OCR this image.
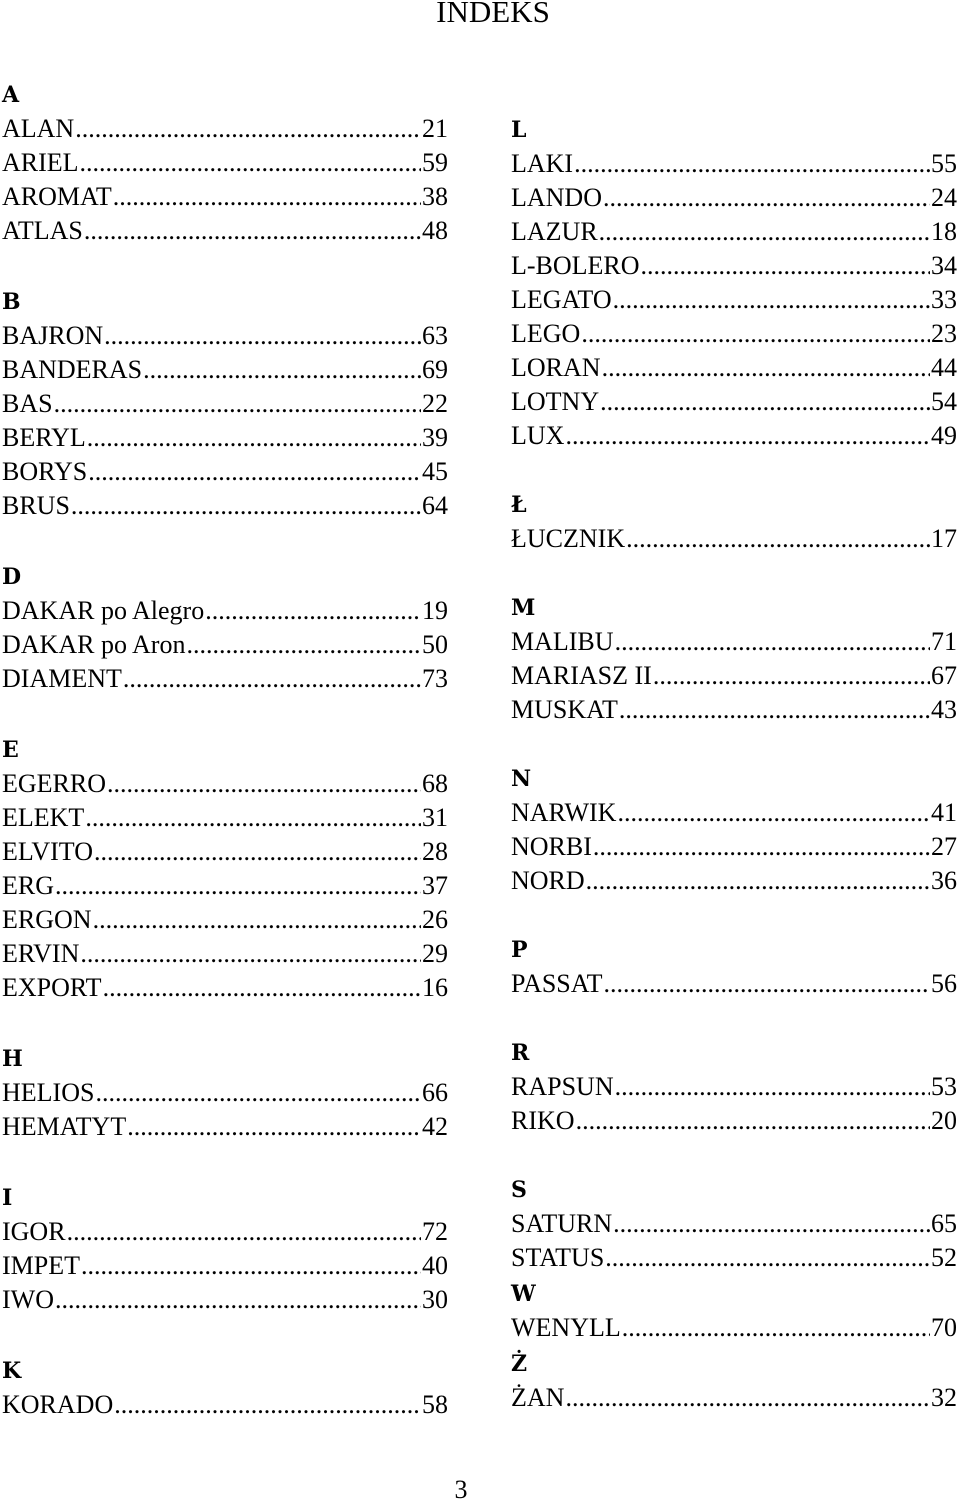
INDEKS
A
ALAN .....	21
ARIEL .....	59
AROMAT .....	38
ATLAS .....	48
B
BAJRON .....	63
BANDERAS .....	69
BAS .....	22
BERYL .....	39
BORYS .....	45
BRUS .....	64
D
DAKAR po Alegro .....	19
DAKAR po Aron .....	50
DIAMENT .....	73
E
EGERRO .....	68
ELEKT .....	31
ELVITO .....	28
ERG .....	37
ERGON .....	26
ERVIN .....	29
EXPORT .....	16
H
HELIOS .....	66
HEMATYT .....	42
I
IGOR .....	72
IMPET .....	40
IWO .....	30
K
KORADO .....	58
L
LAKI .....	55
LANDO .....	24
LAZUR .....	18
L-BOLERO .....	34
LEGATO .....	33
LEGO .....	23
LORAN .....	44
LOTNY .....	54
LUX .....	49
Ł
ŁUCZNIK .....	17
M
MALIBU .....	71
MARIASZ II .....	67
MUSKAT .....	43
N
NARWIK .....	41
NORBI .....	27
NORD .....	36
P
PASSAT .....	56
R
RAPSUN .....	53
RIKO .....	20
S
SATURN .....	65
STATUS .....	52
W
WENYLL .....	70
Ż
ŻAN .....	32
3
